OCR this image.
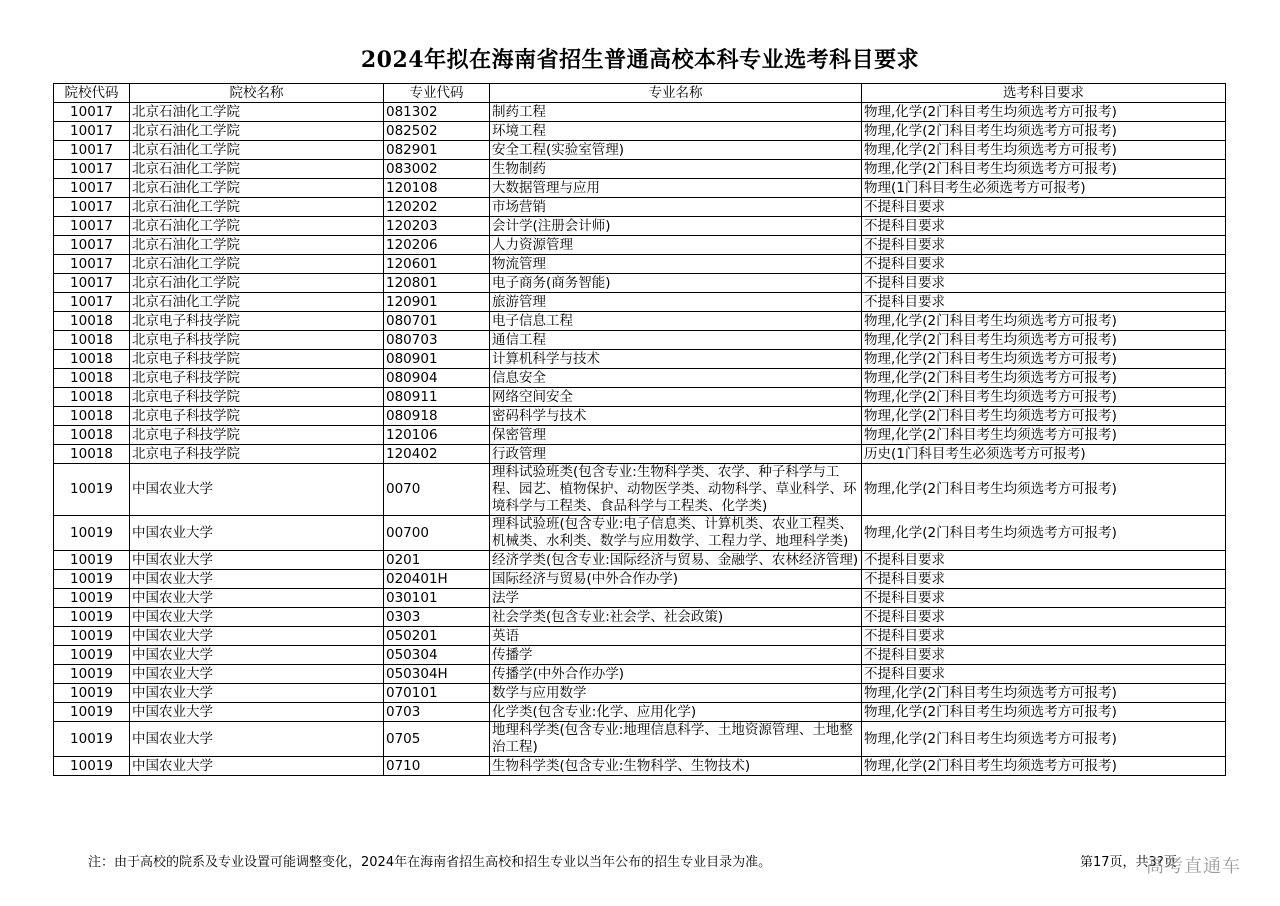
2024年拟在海南省招生普通高校本科专业选考科目要求
院校代码	院校名称	专业代码	专业名称	选考科目要求
10017	北京石油化工学院	081302	制药工程	物理,化学(2门科目考生均须选考方可报考)
10017	北京石油化工学院	082502	环境工程	物理,化学(2门科目考生均须选考方可报考)
10017	北京石油化工学院	082901	安全工程(实验室管理)	物理,化学(2门科目考生均须选考方可报考)
10017	北京石油化工学院	083002	生物制药	物理,化学(2门科目考生均须选考方可报考)
10017	北京石油化工学院	120108	大数据管理与应用	物理(1门科目考生必须选考方可报考)
10017	北京石油化工学院	120202	市场营销	不提科目要求
10017	北京石油化工学院	120203	会计学(注册会计师)	不提科目要求
10017	北京石油化工学院	120206	人力资源管理	不提科目要求
10017	北京石油化工学院	120601	物流管理	不提科目要求
10017	北京石油化工学院	120801	电子商务(商务智能)	不提科目要求
10017	北京石油化工学院	120901	旅游管理	不提科目要求
10018	北京电子科技学院	080701	电子信息工程	物理,化学(2门科目考生均须选考方可报考)
10018	北京电子科技学院	080703	通信工程	物理,化学(2门科目考生均须选考方可报考)
10018	北京电子科技学院	080901	计算机科学与技术	物理,化学(2门科目考生均须选考方可报考)
10018	北京电子科技学院	080904	信息安全	物理,化学(2门科目考生均须选考方可报考)
10018	北京电子科技学院	080911	网络空间安全	物理,化学(2门科目考生均须选考方可报考)
10018	北京电子科技学院	080918	密码科学与技术	物理,化学(2门科目考生均须选考方可报考)
10018	北京电子科技学院	120106	保密管理	物理,化学(2门科目考生均须选考方可报考)
10018	北京电子科技学院	120402	行政管理	历史(1门科目考生必须选考方可报考)
10019	中国农业大学	0070	理科试验班类(包含专业:生物科学类、农学、种子科学与工程、园艺、植物保护、动物医学类、动物科学、草业科学、环境科学与工程类、食品科学与工程类、化学类)	物理,化学(2门科目考生均须选考方可报考)
10019	中国农业大学	00700	理科试验班(包含专业:电子信息类、计算机类、农业工程类、机械类、水利类、数学与应用数学、工程力学、地理科学类)	物理,化学(2门科目考生均须选考方可报考)
10019	中国农业大学	0201	经济学类(包含专业:国际经济与贸易、金融学、农林经济管理)	不提科目要求
10019	中国农业大学	020401H	国际经济与贸易(中外合作办学)	不提科目要求
10019	中国农业大学	030101	法学	不提科目要求
10019	中国农业大学	0303	社会学类(包含专业:社会学、社会政策)	不提科目要求
10019	中国农业大学	050201	英语	不提科目要求
10019	中国农业大学	050304	传播学	不提科目要求
10019	中国农业大学	050304H	传播学(中外合作办学)	不提科目要求
10019	中国农业大学	070101	数学与应用数学	物理,化学(2门科目考生均须选考方可报考)
10019	中国农业大学	0703	化学类(包含专业:化学、应用化学)	物理,化学(2门科目考生均须选考方可报考)
10019	中国农业大学	0705	地理科学类(包含专业:地理信息科学、土地资源管理、土地整治工程)	物理,化学(2门科目考生均须选考方可报考)
10019	中国农业大学	0710	生物科学类(包含专业:生物科学、生物技术)	物理,化学(2门科目考生均须选考方可报考)
注：由于高校的院系及专业设置可能调整变化，2024年在海南省招生高校和招生专业以当年公布的招生专业目录为准。	第17页，共3?页
高考直通车
